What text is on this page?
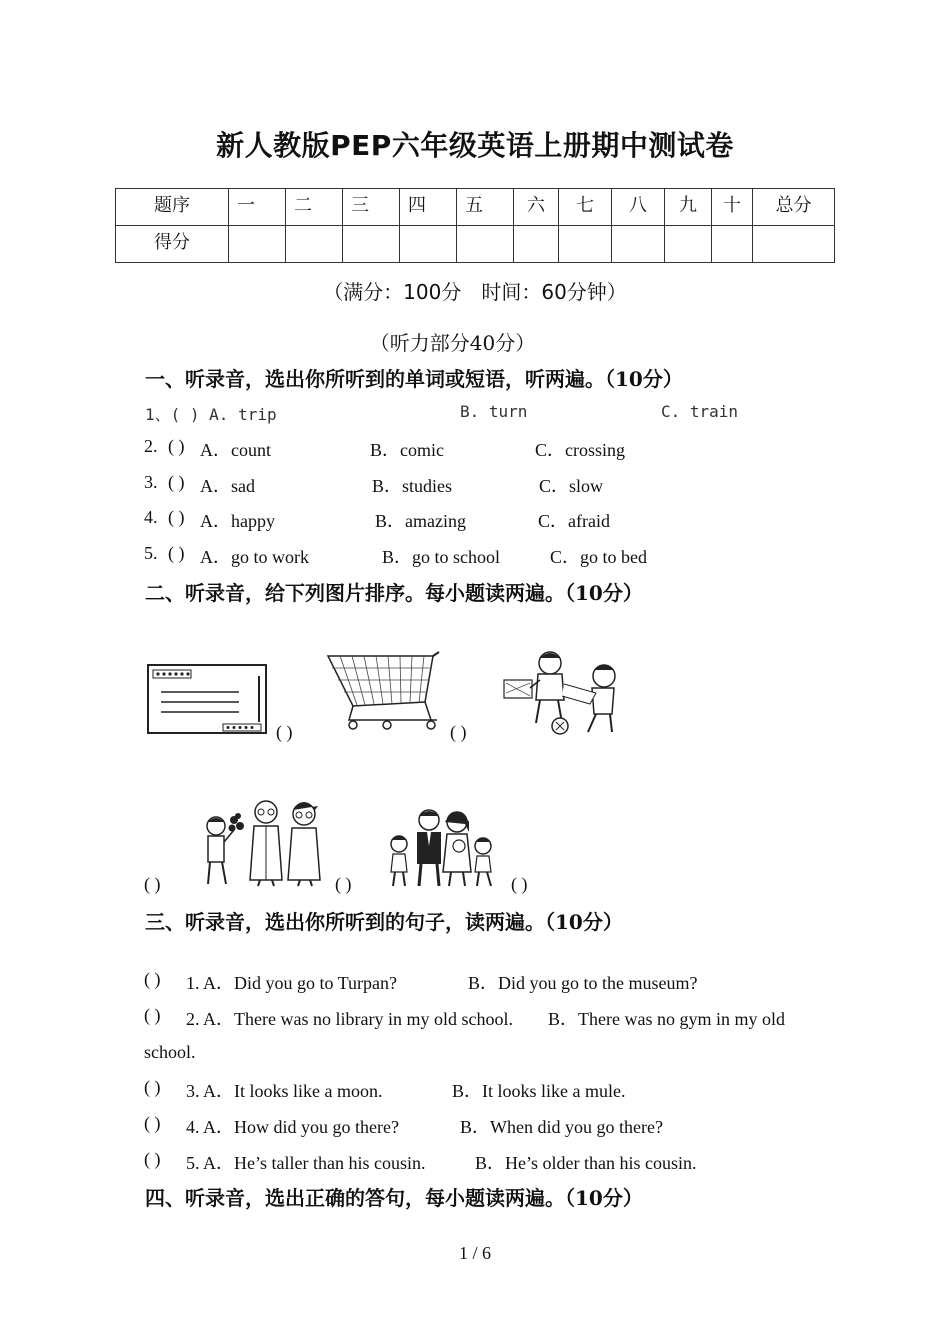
新人教版PEP六年级英语上册期中测试卷
题序	一	二	三	四	五	六	七	八	九	十	总分

得分											

（满分：100分　时间：60分钟）
（听力部分40分）
一、听录音，选出你所听到的单词或短语，听两遍。（10分）
1、( ) A. trip	B. turn	C. train
2. ( ) A．count	B．comic	C．crossing
3. ( ) A．sad	B．studies	C．slow
4. ( ) A．happy	B．amazing	C．afraid
5. ( ) A．go to work	B．go to school	C．go to bed
二、听录音，给下列图片排序。每小题读两遍。（10分）
( )	( )
( )	( )	( )
三、听录音，选出你所听到的句子，读两遍。（10分）
( ) 1. A．Did you go to Turpan?	B．Did you go to the museum?
( ) 2. A．There was no library in my old school. B．There was no gym in my old
school.
( ) 3. A．It looks like a moon.	B．It looks like a mule.
( ) 4. A．How did you go there?	B．When did you go there?
( ) 5. A．He’s taller than his cousin.	B．He’s older than his cousin.
四、听录音，选出正确的答句，每小题读两遍。（10分）
1 / 6
